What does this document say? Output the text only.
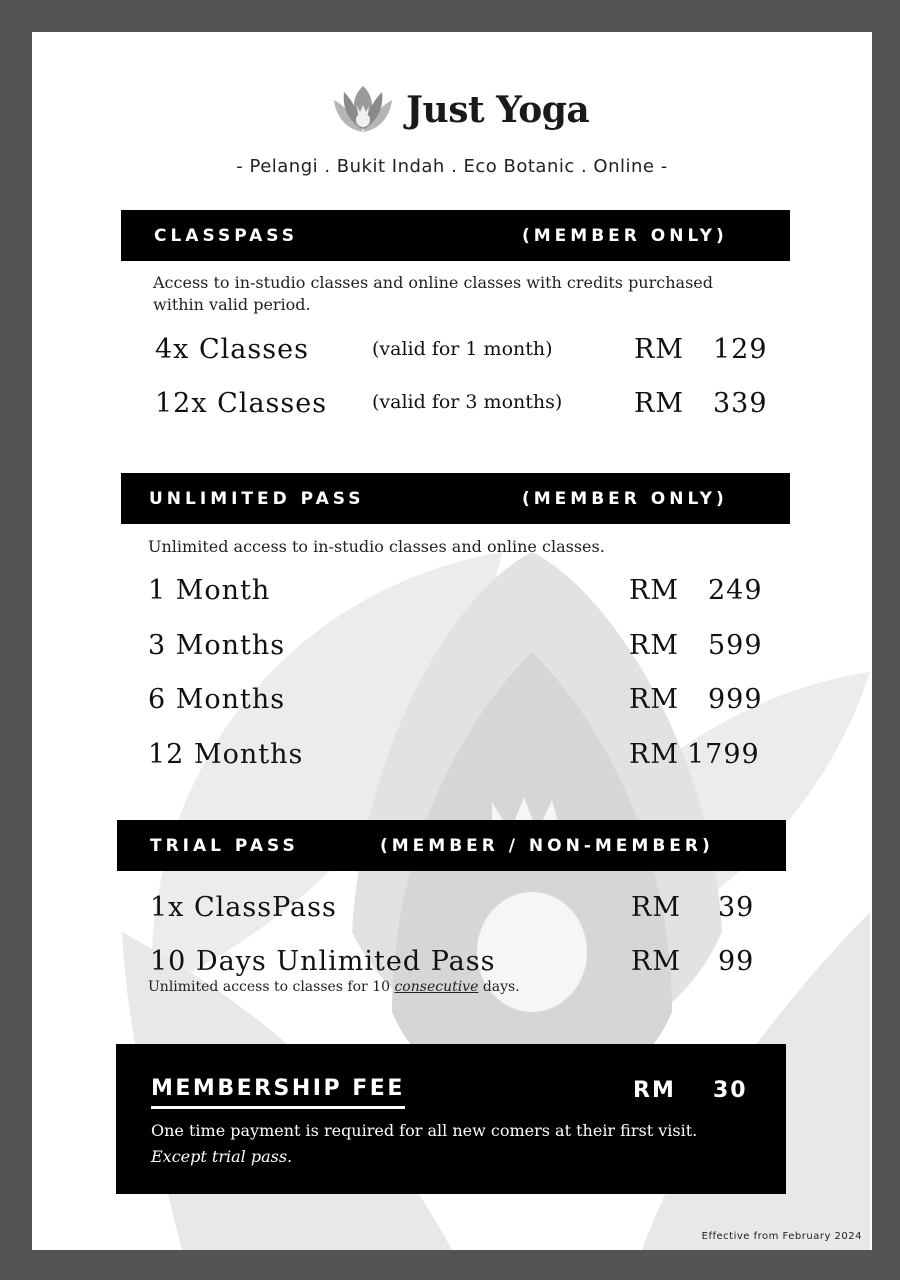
Just Yoga
- Pelangi . Bukit Indah . Eco Botanic . Online -
CLASSPASS	(MEMBER ONLY)
Access to in-studio classes and online classes with credits purchased
within valid period.
4x Classes	(valid for 1 month)	RM 129
12x Classes (valid for 3 months)	RM 339
UNLIMITED PASS	(MEMBER ONLY)
Unlimited access to in-studio classes and online classes.
1 Month	RM 249
3 Months	RM 599
6 Months	RM 999
12 Months	RM 1799
TRIAL PASS	(MEMBER / NON-MEMBER)
1x ClassPass	RM 39
10 Days Unlimited Pass	RM 99
Unlimited access to classes for 10 consecutive days.
MEMBERSHIP FEE	RM 30
One time payment is required for all new comers at their first visit.
Except trial pass.
Effective from February 2024
